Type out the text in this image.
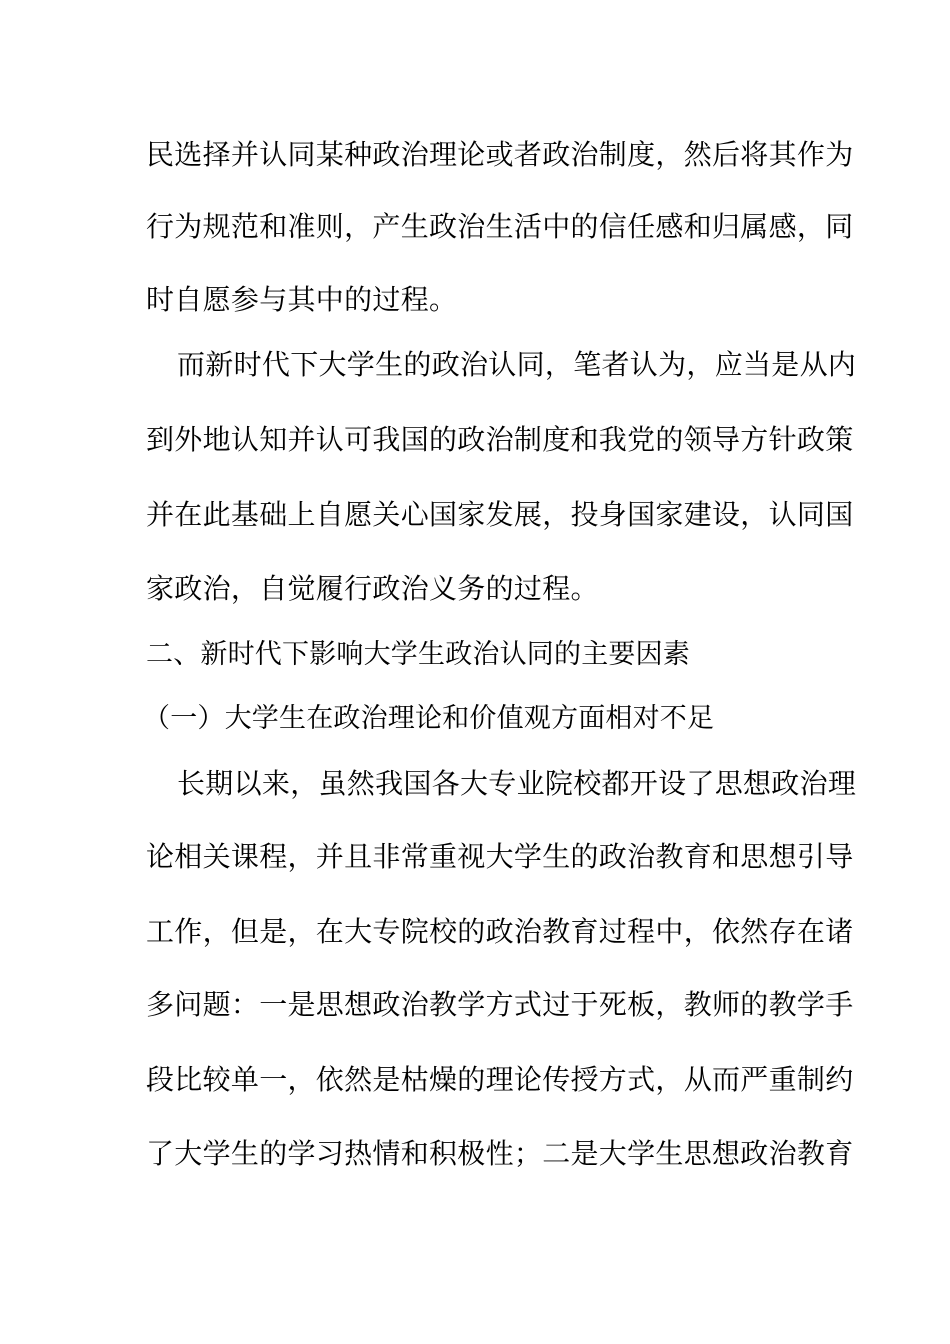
民选择并认同某种政治理论或者政治制度，然后将其作为
行为规范和准则，产生政治生活中的信任感和归属感，同
时自愿参与其中的过程。
而新时代下大学生的政治认同，笔者认为，应当是从内
到外地认知并认可我国的政治制度和我党的领导方针政策
并在此基础上自愿关心国家发展，投身国家建设，认同国
家政治，自觉履行政治义务的过程。
二、新时代下影响大学生政治认同的主要因素
（一）大学生在政治理论和价值观方面相对不足
长期以来，虽然我国各大专业院校都开设了思想政治理
论相关课程，并且非常重视大学生的政治教育和思想引导
工作，但是，在大专院校的政治教育过程中，依然存在诸
多问题：一是思想政治教学方式过于死板，教师的教学手
段比较单一，依然是枯燥的理论传授方式，从而严重制约
了大学生的学习热情和积极性；二是大学生思想政治教育
